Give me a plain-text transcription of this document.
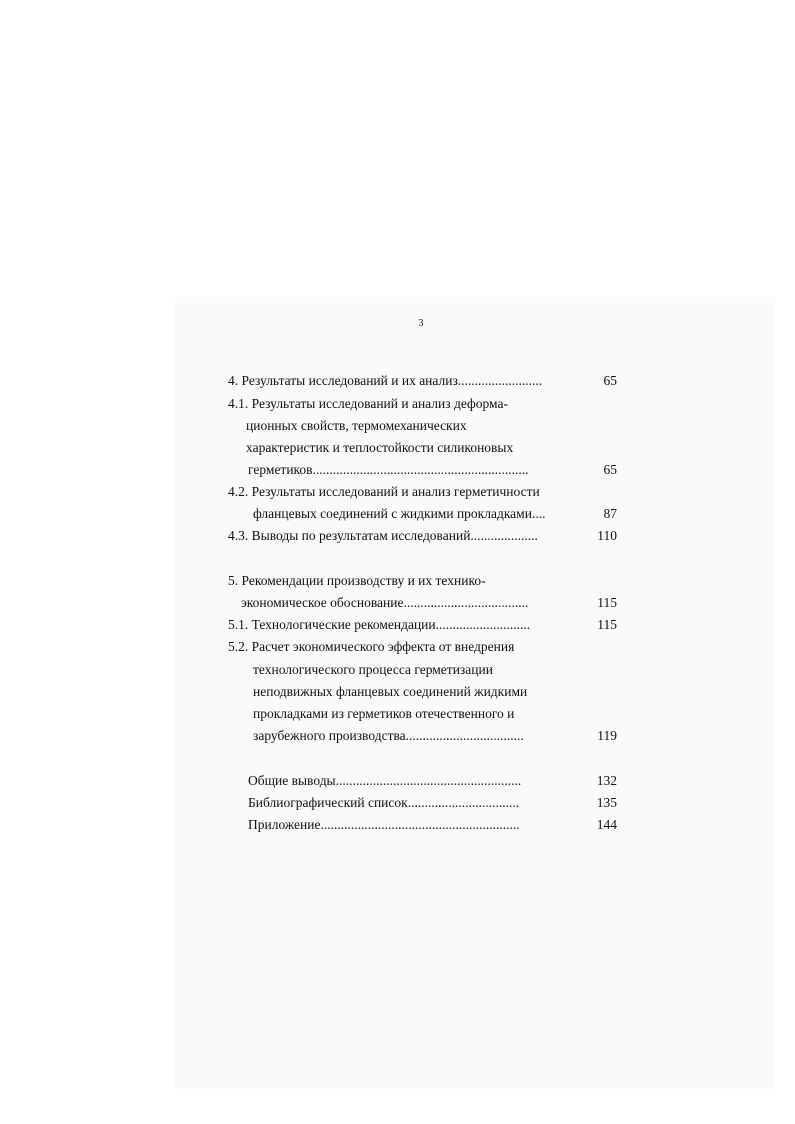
3
4. Результаты исследований и их анализ.........................	65
4.1. Результаты исследований и анализ деформа-
ционных свойств, термомеханических
характеристик и теплостойкости силиконовых
герметиков................................................................	65
4.2. Результаты исследований и анализ герметичности
фланцевых соединений с жидкими прокладками....	87
4.3. Выводы по результатам исследований....................	110
5. Рекомендации производству и их технико-
экономическое обоснование.....................................	115
5.1. Технологические рекомендации............................	115
5.2. Расчет экономического эффекта от внедрения
технологического процесса герметизации
неподвижных фланцевых соединений жидкими
прокладками из герметиков отечественного и
зарубежного производства...................................	119
Общие выводы.......................................................	132
Библиографический список.................................	135
Приложение...........................................................	144
